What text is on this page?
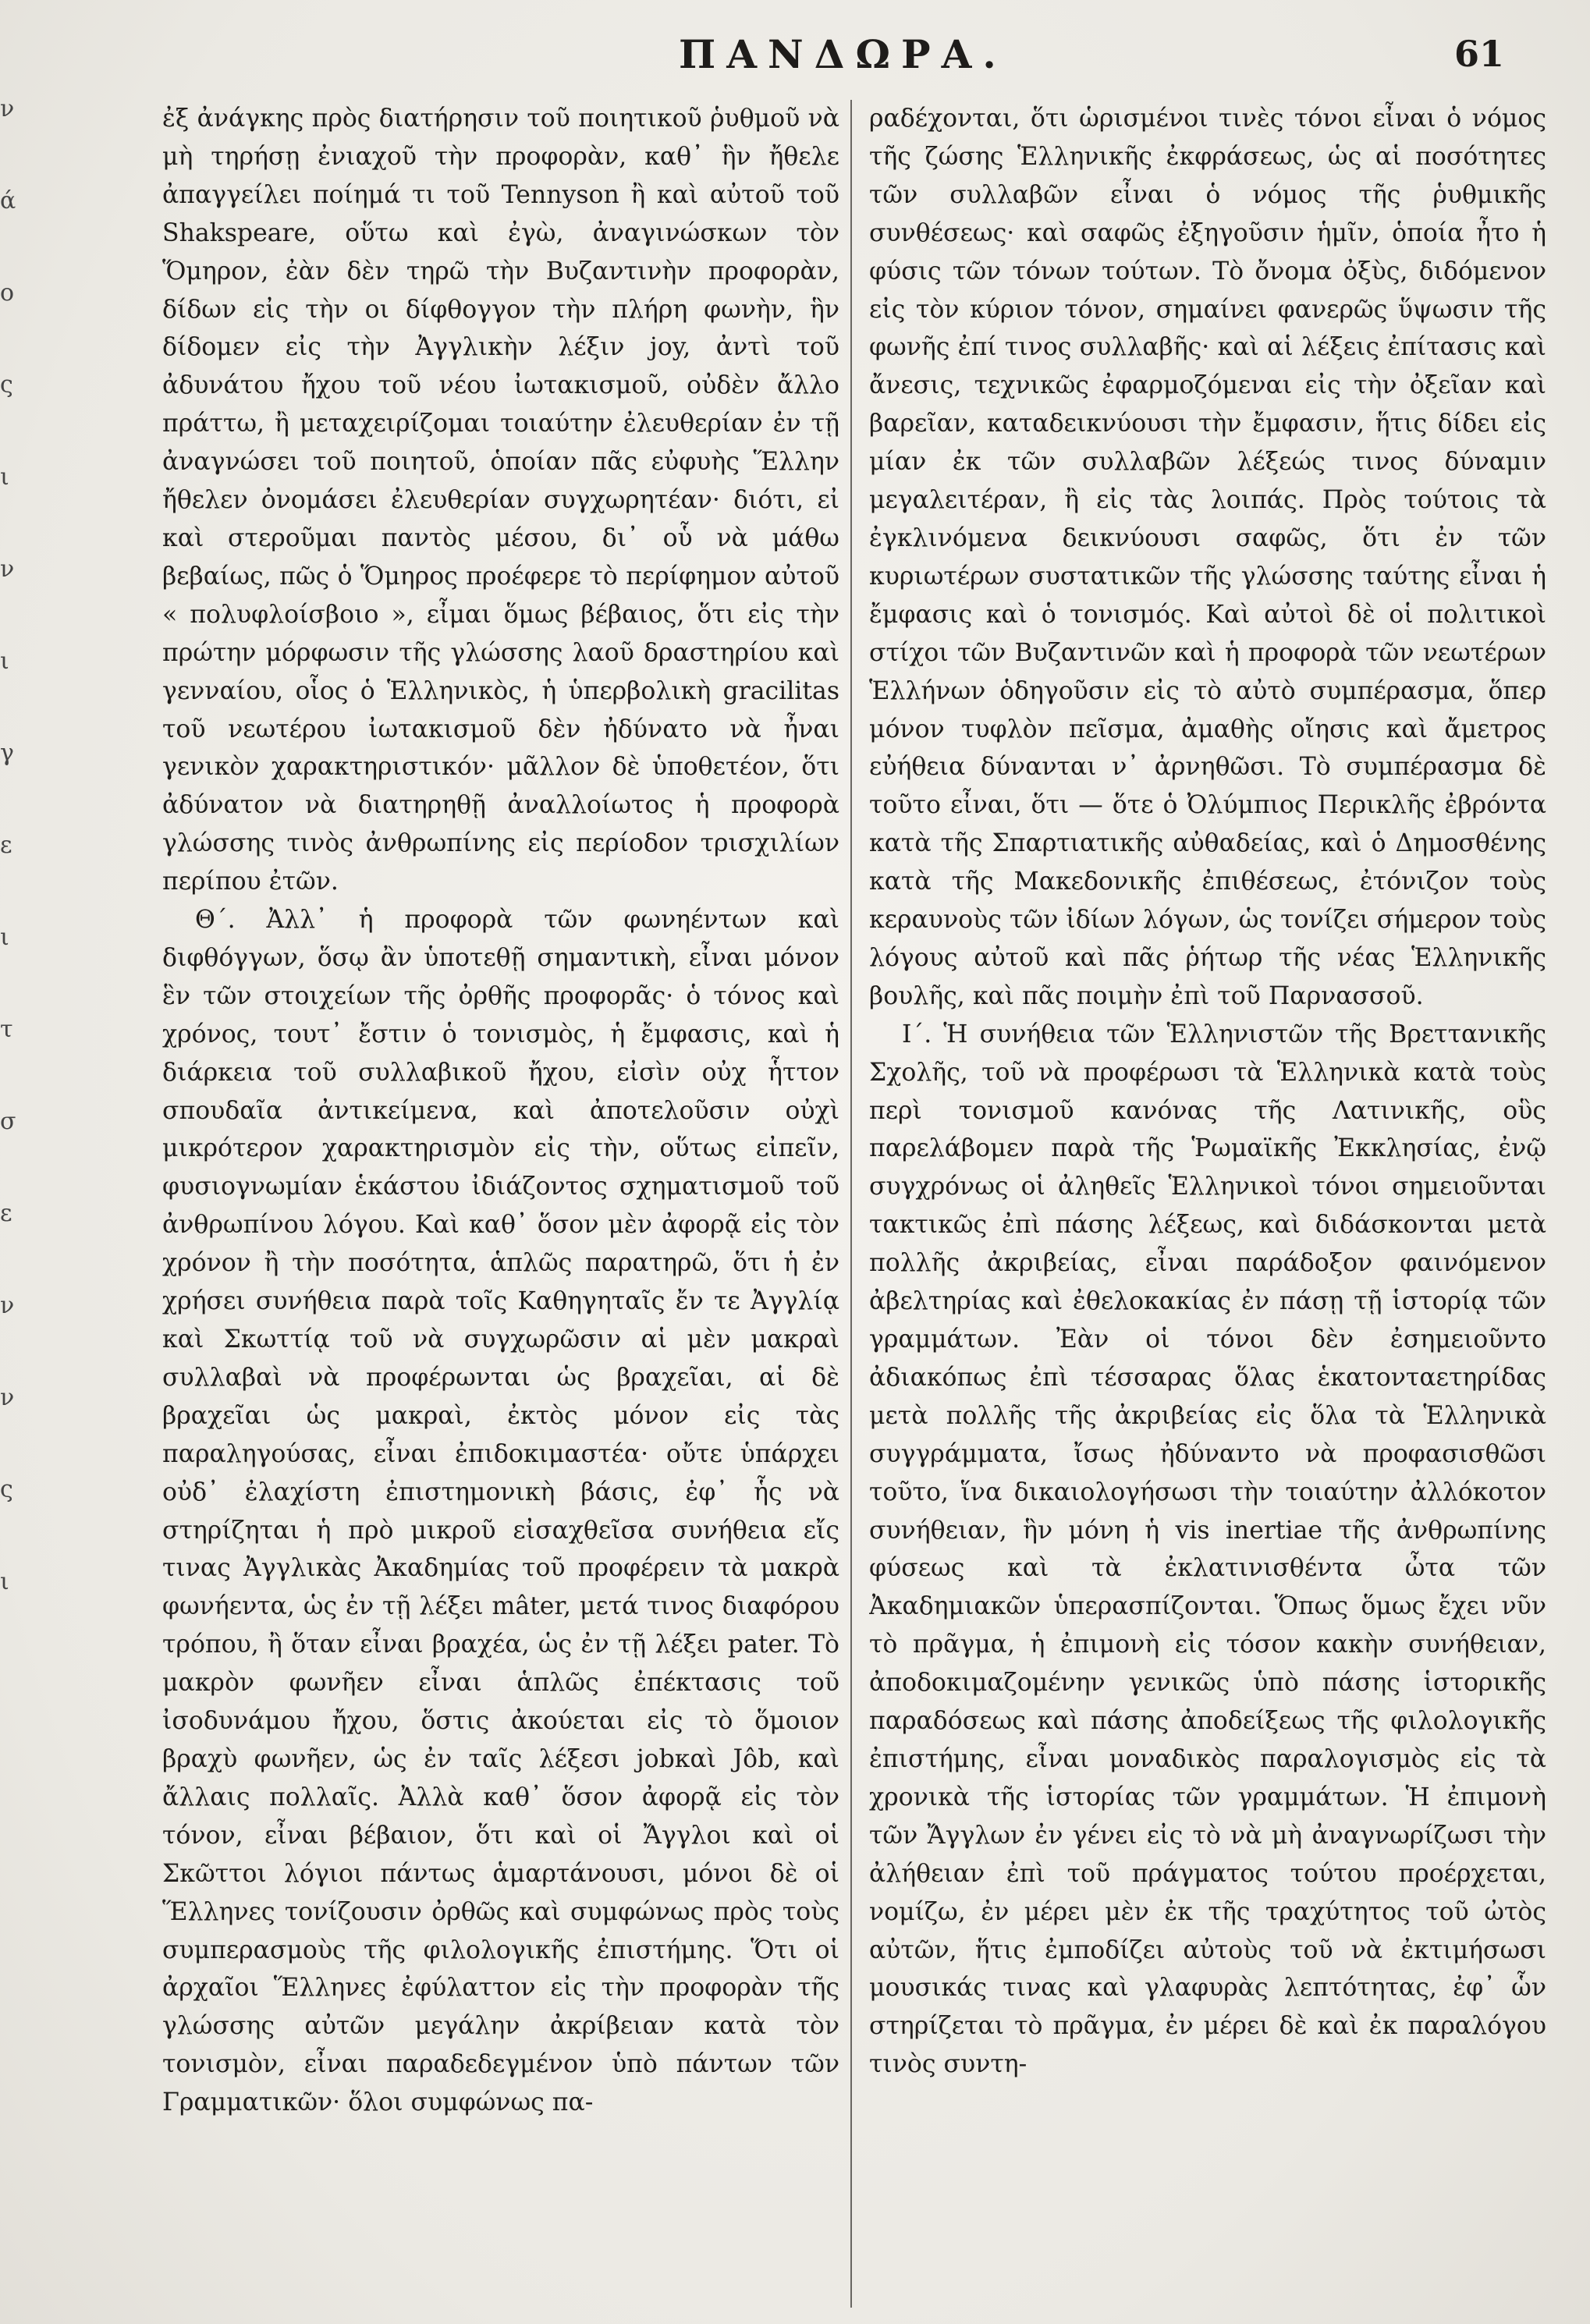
ν
ά
ο
ς
ι
ν
ι
γ
ε
ι
τ
σ
ε
ν
ν
ς
ι
ΠΑΝΔΩΡΑ.	61

ἐξ ἀνάγκης πρὸς διατήρησιν τοῦ ποιητικοῦ ῥυθμοῦ νὰ μὴ τηρήσῃ ἐνιαχοῦ τὴν προφορὰν, καθ᾽ ἣν ἤθελε ἀπαγγείλει ποίημά τι τοῦ Tennyson ἢ καὶ αὐτοῦ τοῦ Shakspeare, οὕτω καὶ ἐγὼ, ἀναγινώσκων τὸν Ὅμηρον, ἐὰν δὲν τηρῶ τὴν Βυζαντινὴν προφορὰν, δίδων εἰς τὴν οι δίφθογγον τὴν πλήρη φωνὴν, ἣν δίδομεν εἰς τὴν Ἀγγλικὴν λέξιν joy, ἀντὶ τοῦ ἀδυνάτου ἤχου τοῦ νέου ἰωτακισμοῦ, οὐδὲν ἄλλο πράττω, ἢ μεταχειρίζομαι τοιαύτην ἐλευθερίαν ἐν τῇ ἀναγνώσει τοῦ ποιητοῦ, ὁποίαν πᾶς εὐφυὴς Ἕλλην ἤθελεν ὀνομάσει ἐλευθερίαν συγχωρητέαν· διότι, εἰ καὶ στεροῦμαι παντὸς μέσου, δι᾽ οὗ νὰ μάθω βεβαίως, πῶς ὁ Ὅμηρος προέφερε τὸ περίφημον αὐτοῦ « πολυφλοίσβοιο », εἶμαι ὅμως βέβαιος, ὅτι εἰς τὴν πρώτην μόρφωσιν τῆς γλώσσης λαοῦ δραστηρίου καὶ γενναίου, οἷος ὁ Ἑλληνικὸς, ἡ ὑπερβολικὴ gracilitas τοῦ νεωτέρου ἰωτακισμοῦ δὲν ἠδύνατο νὰ ἦναι γενικὸν χαρακτηριστικόν· μᾶλλον δὲ ὑποθετέον, ὅτι ἀδύνατον νὰ διατηρηθῇ ἀναλλοίωτος ἡ προφορὰ γλώσσης τινὸς ἀνθρωπίνης εἰς περίοδον τρισχιλίων περίπου ἐτῶν.

Θ´. Ἀλλ᾽ ἡ προφορὰ τῶν φωνηέντων καὶ διφθόγγων, ὅσῳ ἂν ὑποτεθῇ σημαντικὴ, εἶναι μόνον ἓν τῶν στοιχείων τῆς ὀρθῆς προφορᾶς· ὁ τόνος καὶ χρόνος, τουτ᾽ ἔστιν ὁ τονισμὸς, ἡ ἔμφασις, καὶ ἡ διάρκεια τοῦ συλλαβικοῦ ἤχου, εἰσὶν οὐχ ἧττον σπουδαῖα ἀντικείμενα, καὶ ἀποτελοῦσιν οὐχὶ μικρότερον χαρακτηρισμὸν εἰς τὴν, οὕτως εἰπεῖν, φυσιογνωμίαν ἑκάστου ἰδιάζοντος σχηματισμοῦ τοῦ ἀνθρωπίνου λόγου. Καὶ καθ᾽ ὅσον μὲν ἀφορᾷ εἰς τὸν χρόνον ἢ τὴν ποσότητα, ἁπλῶς παρατηρῶ, ὅτι ἡ ἐν χρήσει συνήθεια παρὰ τοῖς Καθηγηταῖς ἔν τε Ἀγγλίᾳ καὶ Σκωττίᾳ τοῦ νὰ συγχωρῶσιν αἱ μὲν μακραὶ συλλαβαὶ νὰ προφέρωνται ὡς βραχεῖαι, αἱ δὲ βραχεῖαι ὡς μακραὶ, ἐκτὸς μόνον εἰς τὰς παραληγούσας, εἶναι ἐπιδοκιμαστέα· οὔτε ὑπάρχει οὐδ᾽ ἐλαχίστη ἐπιστημονικὴ βάσις, ἐφ᾽ ἧς νὰ στηρίζηται ἡ πρὸ μικροῦ εἰσαχθεῖσα συνήθεια εἴς τινας Ἀγγλικὰς Ἀκαδημίας τοῦ προφέρειν τὰ μακρὰ φωνήεντα, ὡς ἐν τῇ λέξει mâter, μετά τινος διαφόρου τρόπου, ἢ ὅταν εἶναι βραχέα, ὡς ἐν τῇ λέξει pater. Τὸ μακρὸν φωνῆεν εἶναι ἁπλῶς ἐπέκτασις τοῦ ἰσοδυνάμου ἤχου, ὅστις ἀκούεται εἰς τὸ ὅμοιον βραχὺ φωνῆεν, ὡς ἐν ταῖς λέξεσι jobκαὶ Jôb, καὶ ἄλλαις πολλαῖς. Ἀλλὰ καθ᾽ ὅσον ἀφορᾷ εἰς τὸν τόνον, εἶναι βέβαιον, ὅτι καὶ οἱ Ἄγγλοι καὶ οἱ Σκῶττοι λόγιοι πάντως ἁμαρτάνουσι, μόνοι δὲ οἱ Ἕλληνες τονίζουσιν ὀρθῶς καὶ συμφώνως πρὸς τοὺς συμπερασμοὺς τῆς φιλολογικῆς ἐπιστήμης. Ὅτι οἱ ἀρχαῖοι Ἕλληνες ἐφύλαττον εἰς τὴν προφορὰν τῆς γλώσσης αὐτῶν μεγάλην ἀκρίβειαν κατὰ τὸν τονισμὸν, εἶναι παραδεδεγμένον ὑπὸ πάντων τῶν Γραμματικῶν· ὅλοι συμφώνως πα-

ραδέχονται, ὅτι ὡρισμένοι τινὲς τόνοι εἶναι ὁ νόμος τῆς ζώσης Ἑλληνικῆς ἐκφράσεως, ὡς αἱ ποσότητες τῶν συλλαβῶν εἶναι ὁ νόμος τῆς ῥυθμικῆς συνθέσεως· καὶ σαφῶς ἐξηγοῦσιν ἡμῖν, ὁποία ἦτο ἡ φύσις τῶν τόνων τούτων. Τὸ ὄνομα ὀξὺς, διδόμενον εἰς τὸν κύριον τόνον, σημαίνει φανερῶς ὕψωσιν τῆς φωνῆς ἐπί τινος συλλαβῆς· καὶ αἱ λέξεις ἐπίτασις καὶ ἄνεσις, τεχνικῶς ἐφαρμοζόμεναι εἰς τὴν ὀξεῖαν καὶ βαρεῖαν, καταδεικνύουσι τὴν ἔμφασιν, ἥτις δίδει εἰς μίαν ἐκ τῶν συλλαβῶν λέξεώς τινος δύναμιν μεγαλειτέραν, ἢ εἰς τὰς λοιπάς. Πρὸς τούτοις τὰ ἐγκλινόμενα δεικνύουσι σαφῶς, ὅτι ἐν τῶν κυριωτέρων συστατικῶν τῆς γλώσσης ταύτης εἶναι ἡ ἔμφασις καὶ ὁ τονισμός. Καὶ αὐτοὶ δὲ οἱ πολιτικοὶ στίχοι τῶν Βυζαντινῶν καὶ ἡ προφορὰ τῶν νεωτέρων Ἑλλήνων ὁδηγοῦσιν εἰς τὸ αὐτὸ συμπέρασμα, ὅπερ μόνον τυφλὸν πεῖσμα, ἀμαθὴς οἴησις καὶ ἄμετρος εὐήθεια δύνανται ν᾽ ἀρνηθῶσι. Τὸ συμπέρασμα δὲ τοῦτο εἶναι, ὅτι — ὅτε ὁ Ὀλύμπιος Περικλῆς ἐβρόντα κατὰ τῆς Σπαρτιατικῆς αὐθαδείας, καὶ ὁ Δημοσθένης κατὰ τῆς Μακεδονικῆς ἐπιθέσεως, ἐτόνιζον τοὺς κεραυνοὺς τῶν ἰδίων λόγων, ὡς τονίζει σήμερον τοὺς λόγους αὐτοῦ καὶ πᾶς ῥήτωρ τῆς νέας Ἑλληνικῆς βουλῆς, καὶ πᾶς ποιμὴν ἐπὶ τοῦ Παρνασσοῦ.

Ι´. Ἡ συνήθεια τῶν Ἑλληνιστῶν τῆς Βρεττανικῆς Σχολῆς, τοῦ νὰ προφέρωσι τὰ Ἑλληνικὰ κατὰ τοὺς περὶ τονισμοῦ κανόνας τῆς Λατινικῆς, οὓς παρελάβομεν παρὰ τῆς Ῥωμαϊκῆς Ἐκκλησίας, ἐνῷ συγχρόνως οἱ ἀληθεῖς Ἑλληνικοὶ τόνοι σημειοῦνται τακτικῶς ἐπὶ πάσης λέξεως, καὶ διδάσκονται μετὰ πολλῆς ἀκριβείας, εἶναι παράδοξον φαινόμενον ἀβελτηρίας καὶ ἐθελοκακίας ἐν πάσῃ τῇ ἱστορίᾳ τῶν γραμμάτων. Ἐὰν οἱ τόνοι δὲν ἐσημειοῦντο ἀδιακόπως ἐπὶ τέσσαρας ὅλας ἑκατονταετηρίδας μετὰ πολλῆς τῆς ἀκριβείας εἰς ὅλα τὰ Ἑλληνικὰ συγγράμματα, ἴσως ἠδύναντο νὰ προφασισθῶσι τοῦτο, ἵνα δικαιολογήσωσι τὴν τοιαύτην ἀλλόκοτον συνήθειαν, ἣν μόνη ἡ vis inertiae τῆς ἀνθρωπίνης φύσεως καὶ τὰ ἐκλατινισθέντα ὦτα τῶν Ἀκαδημιακῶν ὑπερασπίζονται. Ὅπως ὅμως ἔχει νῦν τὸ πρᾶγμα, ἡ ἐπιμονὴ εἰς τόσον κακὴν συνήθειαν, ἀποδοκιμαζομένην γενικῶς ὑπὸ πάσης ἱστορικῆς παραδόσεως καὶ πάσης ἀποδείξεως τῆς φιλολογικῆς ἐπιστήμης, εἶναι μοναδικὸς παραλογισμὸς εἰς τὰ χρονικὰ τῆς ἱστορίας τῶν γραμμάτων. Ἡ ἐπιμονὴ τῶν Ἄγγλων ἐν γένει εἰς τὸ νὰ μὴ ἀναγνωρίζωσι τὴν ἀλήθειαν ἐπὶ τοῦ πράγματος τούτου προέρχεται, νομίζω, ἐν μέρει μὲν ἐκ τῆς τραχύτητος τοῦ ὠτὸς αὐτῶν, ἥτις ἐμποδίζει αὐτοὺς τοῦ νὰ ἐκτιμήσωσι μουσικάς τινας καὶ γλαφυρὰς λεπτότητας, ἐφ᾽ ὧν στηρίζεται τὸ πρᾶγμα, ἐν μέρει δὲ καὶ ἐκ παραλόγου τινὸς συντη-
